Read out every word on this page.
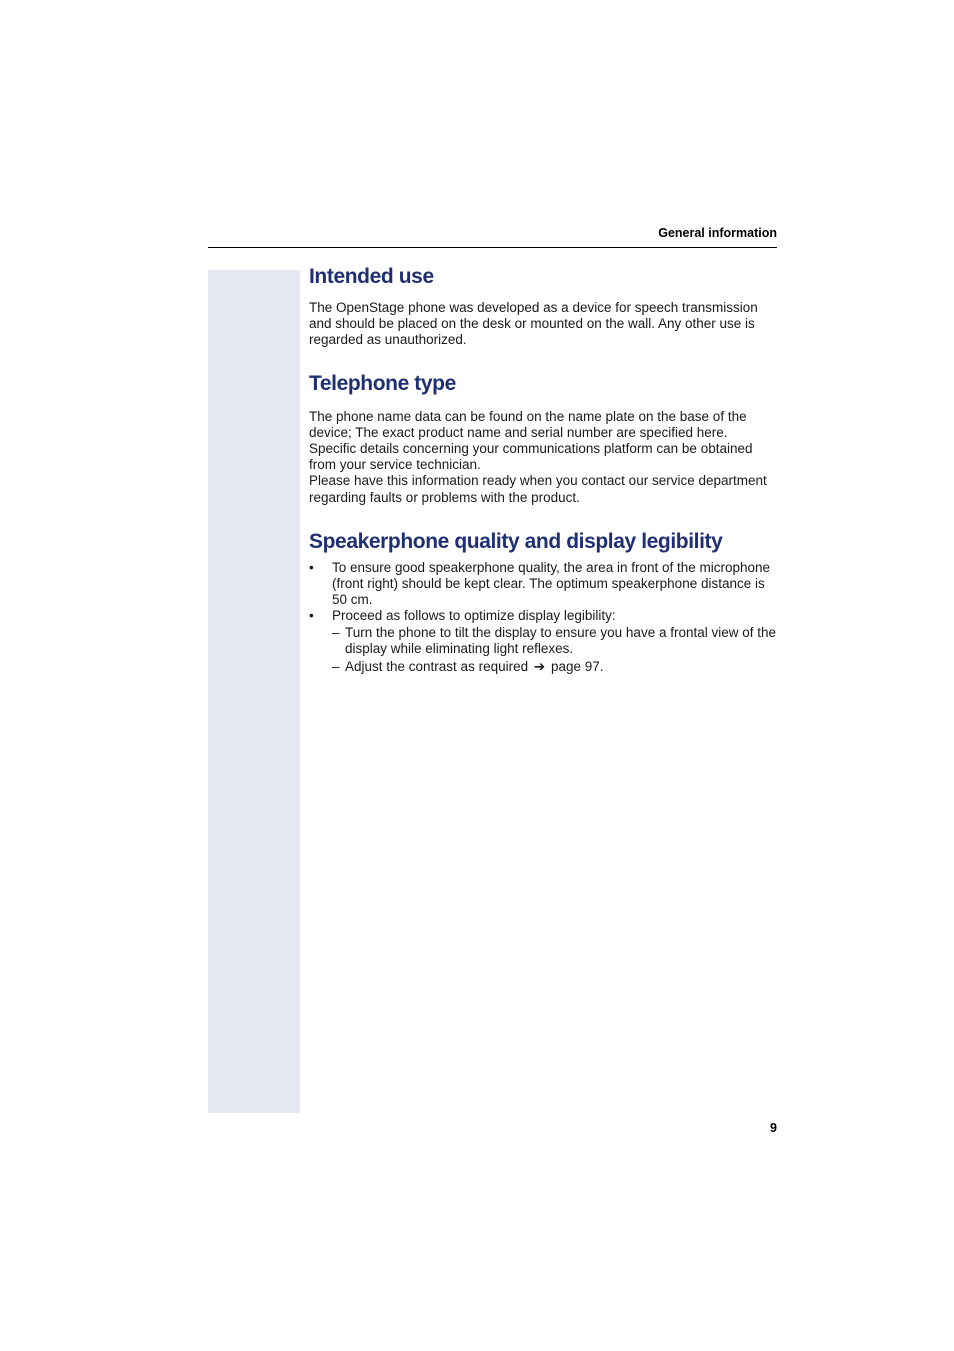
General information
Intended use

The OpenStage phone was developed as a device for speech transmission and should be placed on the desk or mounted on the wall. Any other use is regarded as unauthorized.

Telephone type

The phone name data can be found on the name plate on the base of the device; The exact product name and serial number are specified here. Specific details concerning your communications platform can be obtained from your service technician.

Please have this information ready when you contact our service department regarding faults or problems with the product.

Speakerphone quality and display legibility
• To ensure good speakerphone quality, the area in front of the microphone (front right) should be kept clear. The optimum speakerphone distance is 50 cm.
• Proceed as follows to optimize display legibility:
– Turn the phone to tilt the display to ensure you have a frontal view of the display while eliminating light reflexes.
– Adjust the contrast as required ➔ page 97.
9
